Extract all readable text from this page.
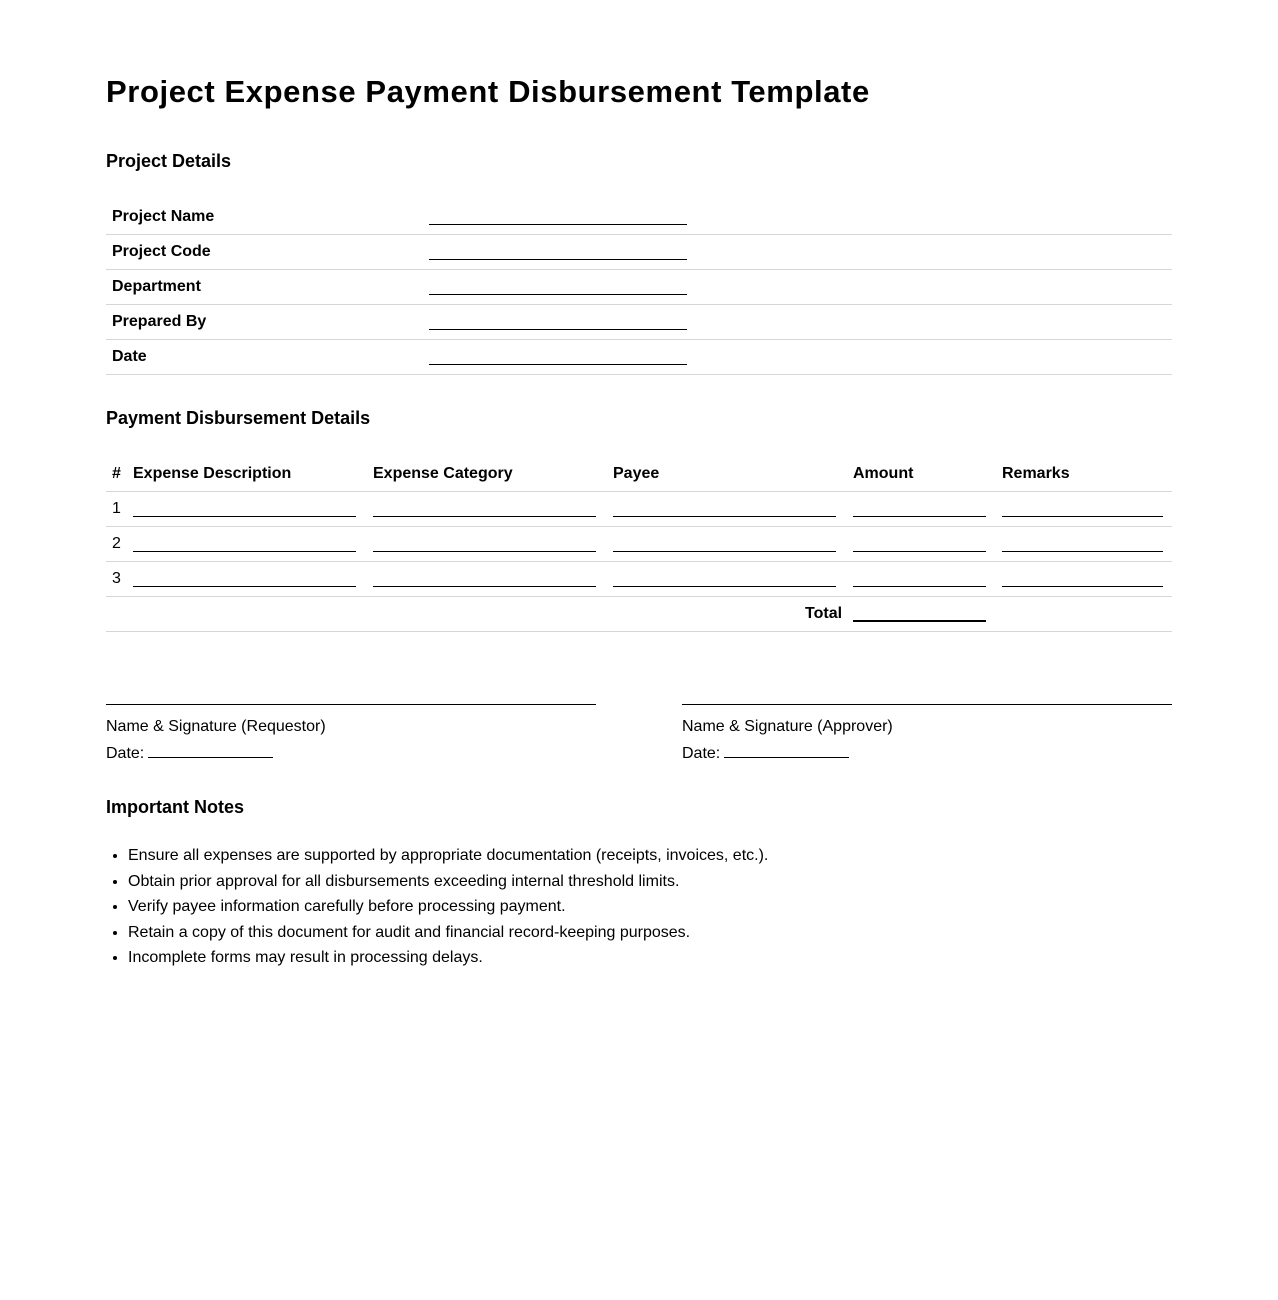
Project Expense Payment Disbursement Template
Project Details
Project Name
Project Code
Department
Prepared By
Date
Payment Disbursement Details
# Expense Description	Expense Category	Payee	Amount	Remarks
1
2
3
Total
Name & Signature (Requestor)
Date:
Name & Signature (Approver)
Date:
Important Notes
• Ensure all expenses are supported by appropriate documentation (receipts, invoices, etc.).
• Obtain prior approval for all disbursements exceeding internal threshold limits.
• Verify payee information carefully before processing payment.
• Retain a copy of this document for audit and financial record-keeping purposes.
• Incomplete forms may result in processing delays.
